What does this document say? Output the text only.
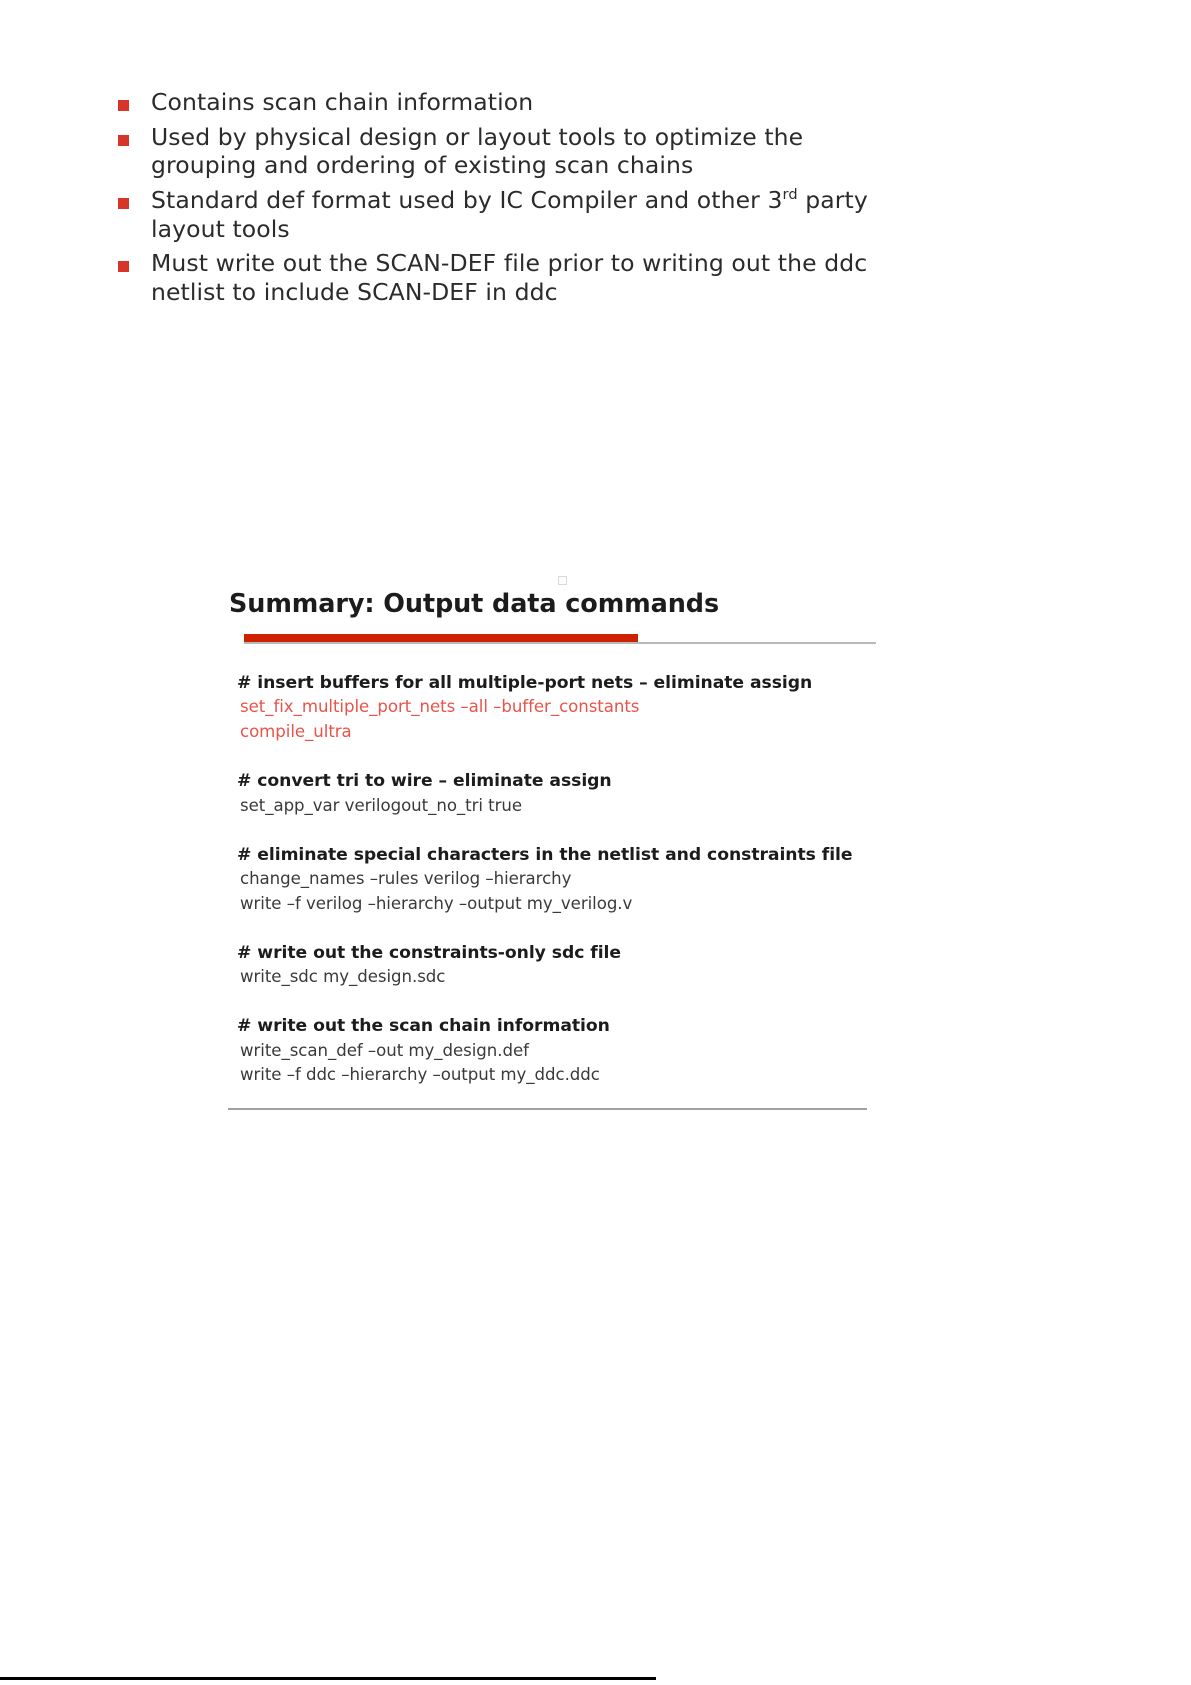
Contains scan chain information
Used by physical design or layout tools to optimize the grouping and ordering of existing scan chains
Standard def format used by IC Compiler and other 3rd party layout tools
Must write out the SCAN-DEF file prior to writing out the ddc netlist to include SCAN-DEF in ddc
Summary: Output data commands
# insert buffers for all multiple-port nets – eliminate assign
set_fix_multiple_port_nets –all –buffer_constants
compile_ultra
# convert tri to wire – eliminate assign
set_app_var verilogout_no_tri true
# eliminate special characters in the netlist and constraints file
change_names –rules verilog –hierarchy
write –f verilog –hierarchy –output my_verilog.v
# write out the constraints-only sdc file
write_sdc my_design.sdc
# write out the scan chain information
write_scan_def –out my_design.def
write –f ddc –hierarchy –output my_ddc.ddc
